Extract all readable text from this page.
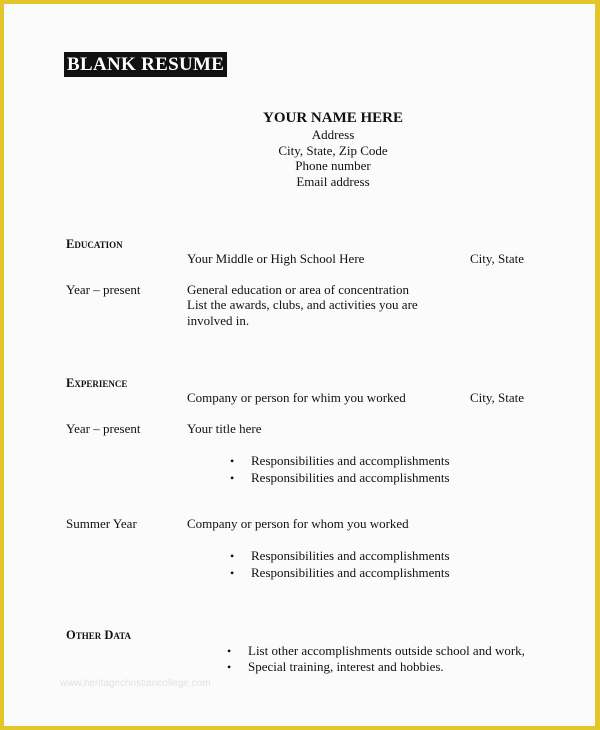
BLANK RESUME
YOUR NAME HERE
Address
City, State, Zip Code
Phone number
Email address
Education
Your Middle or High School Here	City, State
Year – present	General education or area of concentration
List the awards, clubs, and activities you are
involved in.
Experience
Company or person for whim you worked	City, State
Year – present	Your title here
• Responsibilities and accomplishments
• Responsibilities and accomplishments
Summer Year	Company or person for whom you worked
• Responsibilities and accomplishments
• Responsibilities and accomplishments
Other Data
• List other accomplishments outside school and work,
• Special training, interest and hobbies.
www.heritagechristiancollege.com
